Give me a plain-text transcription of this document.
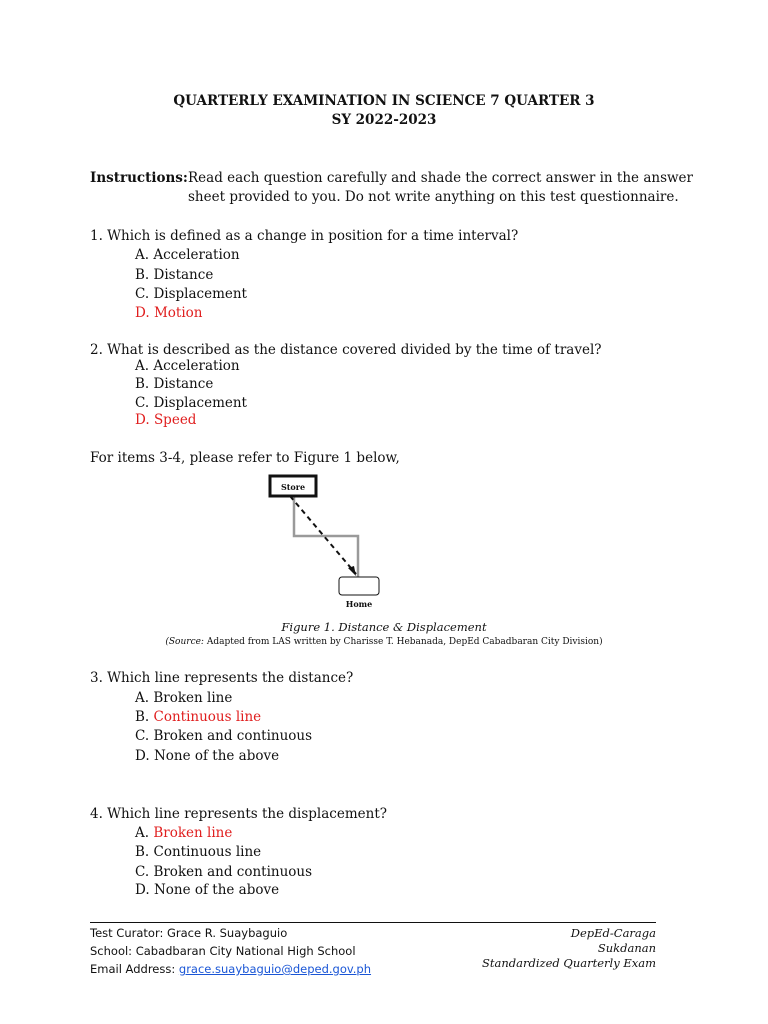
QUARTERLY EXAMINATION IN SCIENCE 7 QUARTER 3
SY 2022-2023
Instructions: Read each question carefully and shade the correct answer in the answer
sheet provided to you. Do not write anything on this test questionnaire.
1. Which is defined as a change in position for a time interval?
A. Acceleration
B. Distance
C. Displacement
D. Motion
2. What is described as the distance covered divided by the time of travel?
A. Acceleration
B. Distance
C. Displacement
D. Speed
For items 3-4, please refer to Figure 1 below,
Store
Home
Figure 1. Distance & Displacement
(Source: Adapted from LAS written by Charisse T. Hebanada, DepEd Cabadbaran City Division)
3. Which line represents the distance?
A. Broken line
B. Continuous line
C. Broken and continuous
D. None of the above
4. Which line represents the displacement?
A. Broken line
B. Continuous line
C. Broken and continuous
D. None of the above
Test Curator: Grace R. Suaybaguio
School: Cabadbaran City National High School
Email Address: grace.suaybaguio@deped.gov.ph
DepEd-Caraga
Sukdanan
Standardized Quarterly Exam
